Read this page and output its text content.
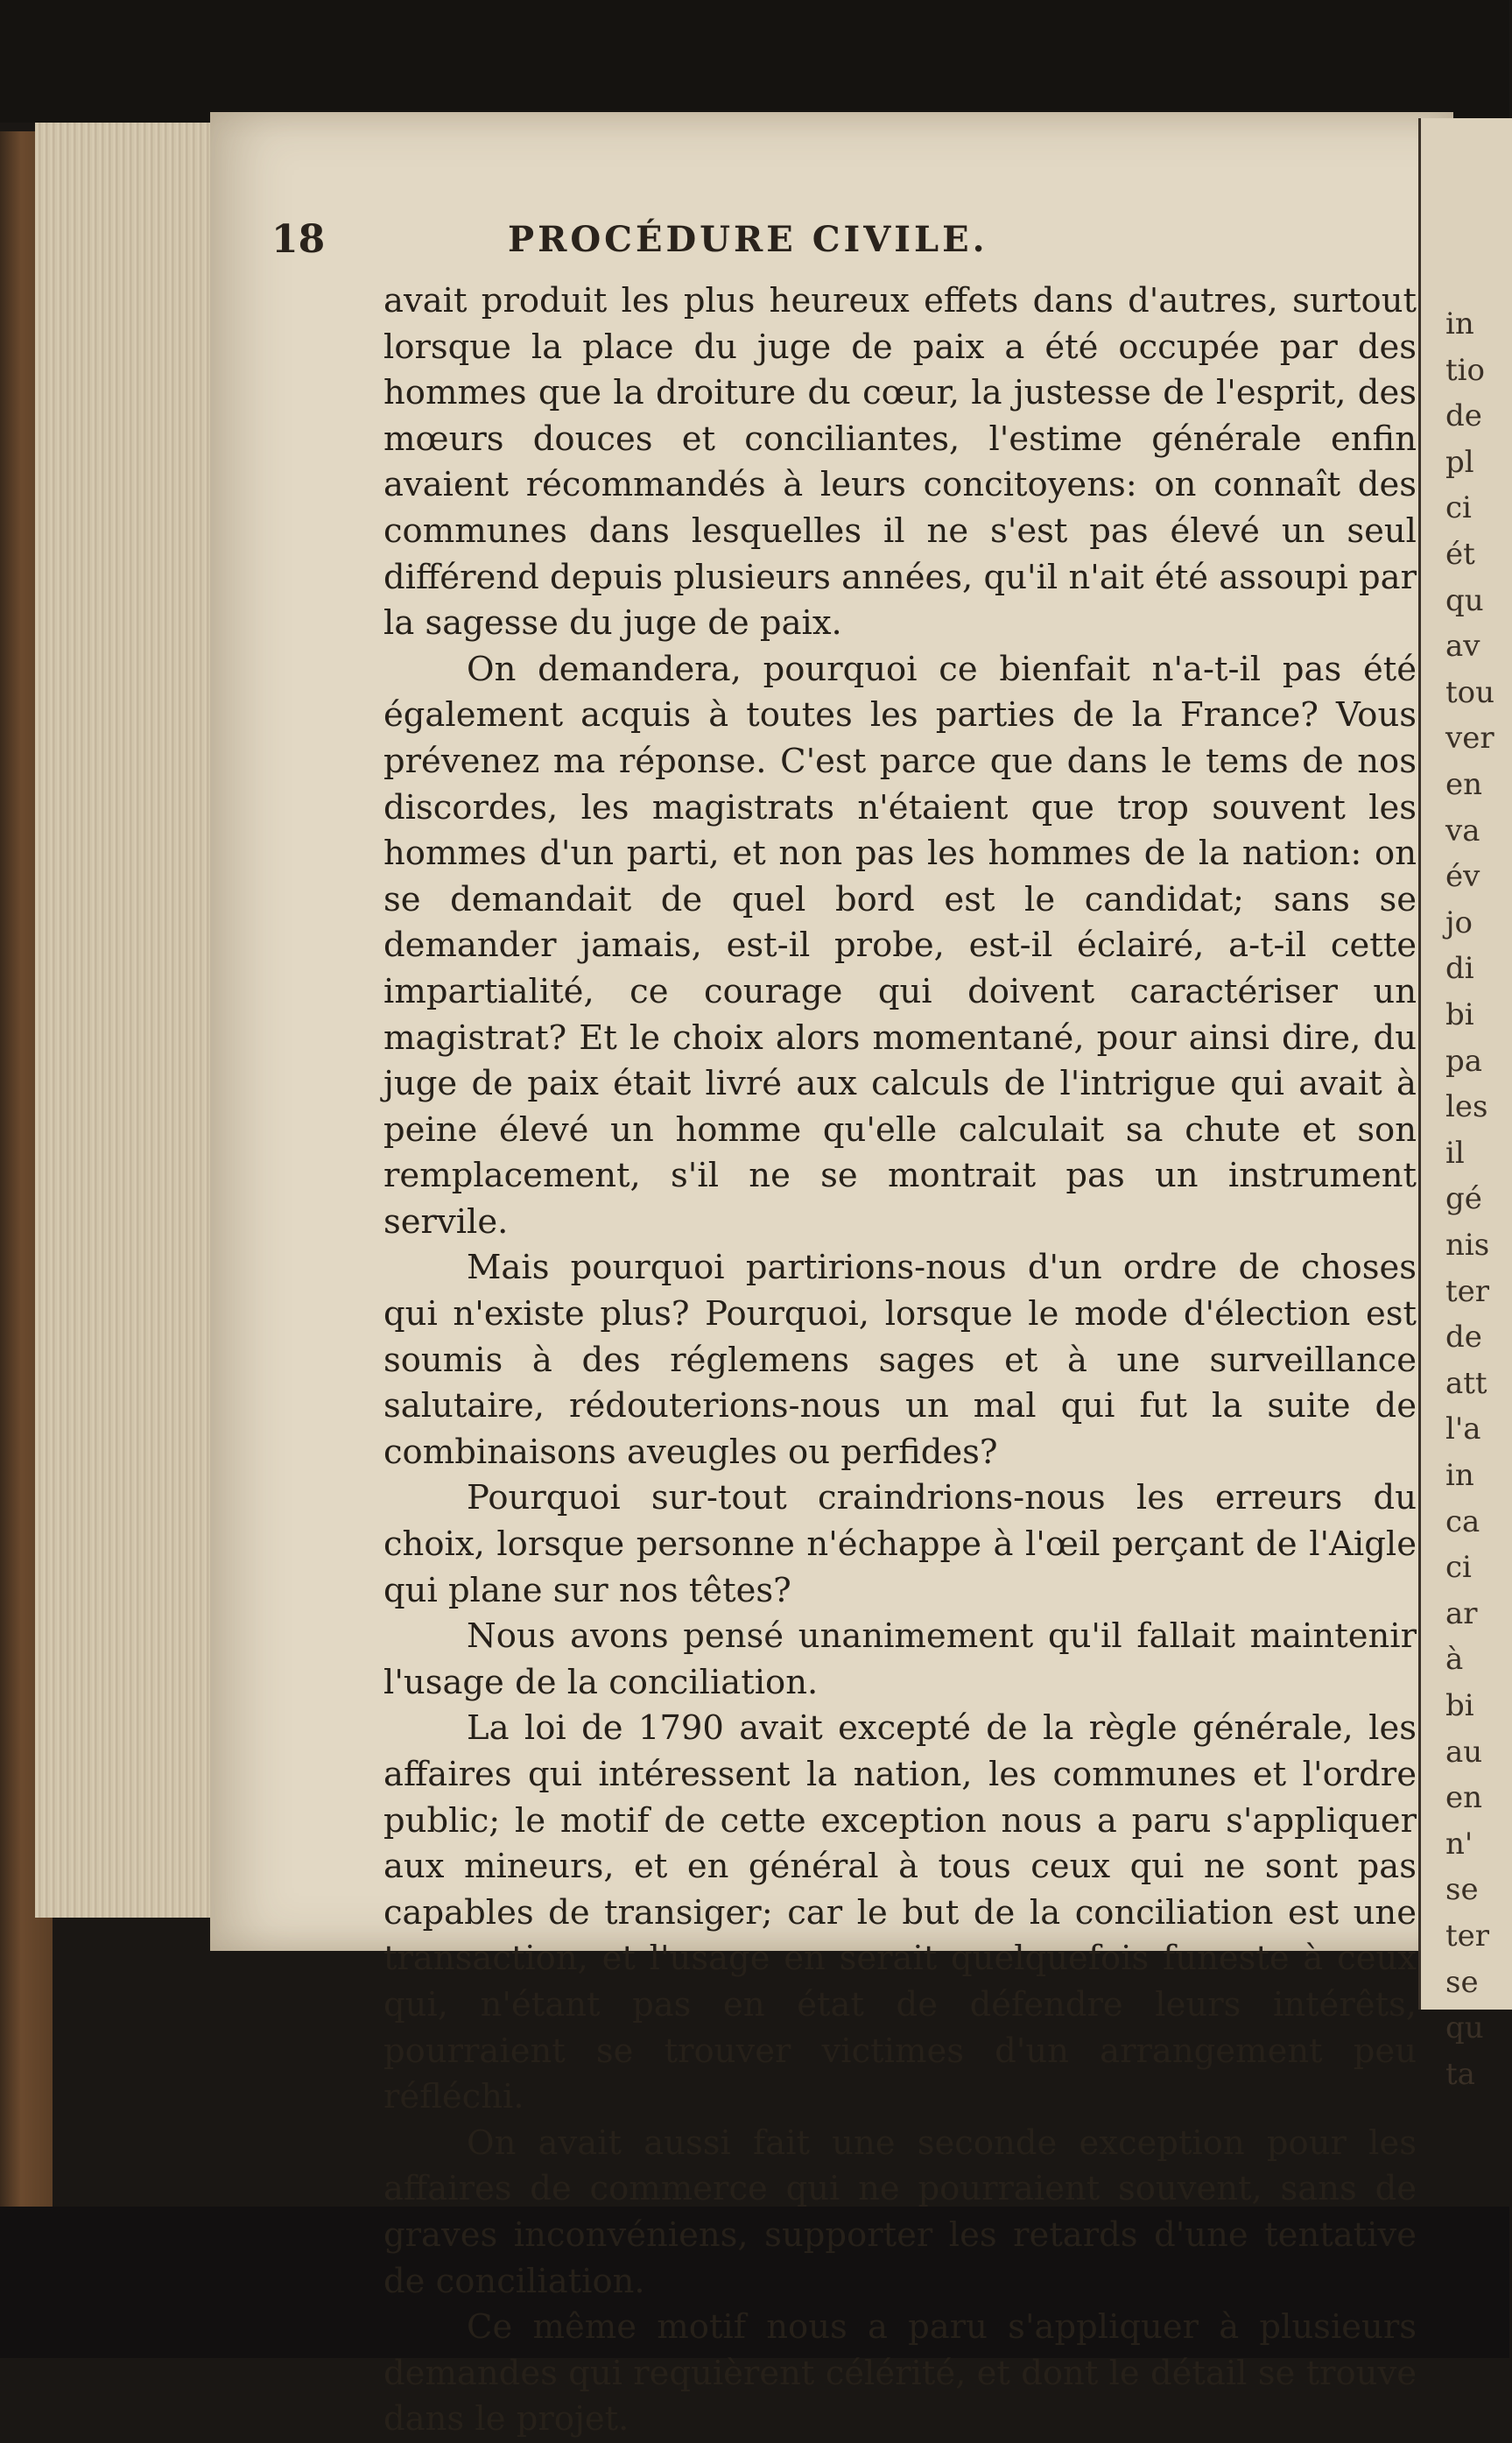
in
tio
de
pl
ci
ét
qu
av
tou
ver
en
va
év
jo
di
bi
pa
les
il
gé
nis
ter
de
att
l'a
in
ca
ci
ar
à
bi
au
en
n'
se
ter
se
qu
ta
18	PROCÉDURE CIVILE.

avait produit les plus heureux effets dans d'autres, surtout lorsque la place du juge de paix a été occupée par des hommes que la droiture du cœur, la justesse de l'esprit, des mœurs douces et conciliantes, l'estime générale enfin avaient récommandés à leurs concitoyens: on connaît des communes dans lesquelles il ne s'est pas élevé un seul différend depuis plusieurs années, qu'il n'ait été assoupi par la sagesse du juge de paix.

On demandera, pourquoi ce bienfait n'a-t-il pas été également acquis à toutes les parties de la France? Vous prévenez ma réponse. C'est parce que dans le tems de nos discordes, les magistrats n'étaient que trop souvent les hommes d'un parti, et non pas les hommes de la nation: on se demandait de quel bord est le candidat; sans se demander jamais, est-il probe, est-il éclairé, a-t-il cette impartialité, ce courage qui doivent caractériser un magistrat? Et le choix alors momentané, pour ainsi dire, du juge de paix était livré aux calculs de l'intrigue qui avait à peine élevé un homme qu'elle calculait sa chute et son remplacement, s'il ne se montrait pas un instrument servile.

Mais pourquoi partirions-nous d'un ordre de choses qui n'existe plus? Pourquoi, lorsque le mode d'élection est soumis à des réglemens sages et à une surveillance salutaire, rédouterions-nous un mal qui fut la suite de combinaisons aveugles ou perfides?

Pourquoi sur-tout craindrions-nous les erreurs du choix, lorsque personne n'échappe à l'œil perçant de l'Aigle qui plane sur nos têtes?

Nous avons pensé unanimement qu'il fallait maintenir l'usage de la conciliation.

La loi de 1790 avait excepté de la règle générale, les affaires qui intéressent la nation, les communes et l'ordre public; le motif de cette exception nous a paru s'appliquer aux mineurs, et en général à tous ceux qui ne sont pas capables de transiger; car le but de la conciliation est une transaction, et l'usage en serait quelquefois funeste à ceux qui, n'étant pas en état de défendre leurs intérêts, pourraient se trouver victimes d'un arrangement peu réfléchi.

On avait aussi fait une seconde exception pour les affaires de commerce qui ne pourraient souvent, sans de graves inconvéniens, supporter les retards d'une tentative de conciliation.

Ce même motif nous a paru s'appliquer à plusieurs demandes qui requièrent célérité, et dont le détail se trouve dans le projet.
